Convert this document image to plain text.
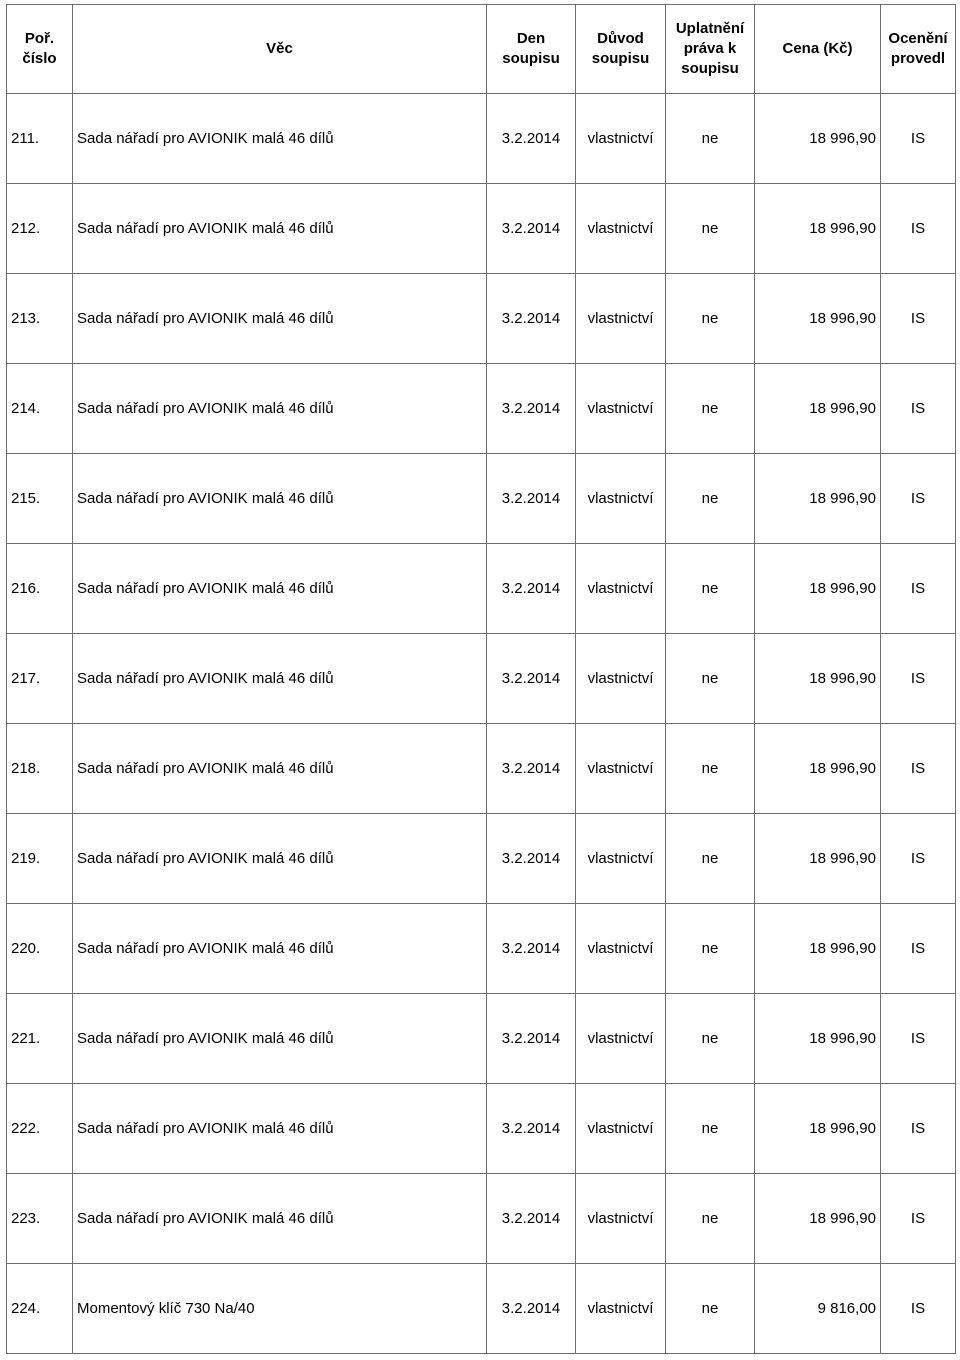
Poř. číslo	Věc	Den soupisu	Důvod soupisu	Uplatnění práva k soupisu	Cena (Kč)	Ocenění provedl
211.	Sada nářadí pro AVIONIK malá 46 dílů	3.2.2014	vlastnictví	ne	18 996,90	IS
212.	Sada nářadí pro AVIONIK malá 46 dílů	3.2.2014	vlastnictví	ne	18 996,90	IS
213.	Sada nářadí pro AVIONIK malá 46 dílů	3.2.2014	vlastnictví	ne	18 996,90	IS
214.	Sada nářadí pro AVIONIK malá 46 dílů	3.2.2014	vlastnictví	ne	18 996,90	IS
215.	Sada nářadí pro AVIONIK malá 46 dílů	3.2.2014	vlastnictví	ne	18 996,90	IS
216.	Sada nářadí pro AVIONIK malá 46 dílů	3.2.2014	vlastnictví	ne	18 996,90	IS
217.	Sada nářadí pro AVIONIK malá 46 dílů	3.2.2014	vlastnictví	ne	18 996,90	IS
218.	Sada nářadí pro AVIONIK malá 46 dílů	3.2.2014	vlastnictví	ne	18 996,90	IS
219.	Sada nářadí pro AVIONIK malá 46 dílů	3.2.2014	vlastnictví	ne	18 996,90	IS
220.	Sada nářadí pro AVIONIK malá 46 dílů	3.2.2014	vlastnictví	ne	18 996,90	IS
221.	Sada nářadí pro AVIONIK malá 46 dílů	3.2.2014	vlastnictví	ne	18 996,90	IS
222.	Sada nářadí pro AVIONIK malá 46 dílů	3.2.2014	vlastnictví	ne	18 996,90	IS
223.	Sada nářadí pro AVIONIK malá 46 dílů	3.2.2014	vlastnictví	ne	18 996,90	IS
224.	Momentový klíč 730 Na/40	3.2.2014	vlastnictví	ne	9 816,00	IS
